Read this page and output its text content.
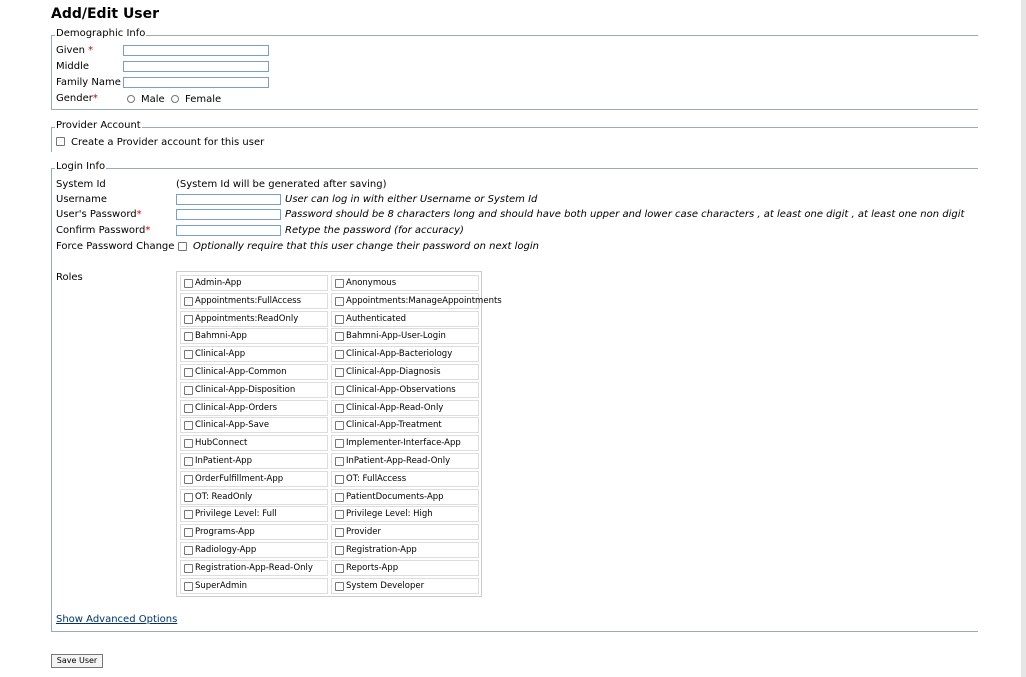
Add/Edit User
Demographic Info
Given *
Middle
Family Name
Gender*	Male Female
Provider Account
Create a Provider account for this user
Login Info
System Id	(System Id will be generated after saving)
Username	User can log in with either Username or System Id
User's Password*	Password should be 8 characters long and should have both upper and lower case characters , at least one digit , at least one non digit
Confirm Password*	Retype the password (for accuracy)
Force Password Change Optionally require that this user change their password on next login
Roles	Admin-App	Anonymous
Appointments:FullAccess	Appointments:ManageAppointments
Appointments:ReadOnly	Authenticated
Bahmni-App	Bahmni-App-User-Login
Clinical-App	Clinical-App-Bacteriology
Clinical-App-Common	Clinical-App-Diagnosis
Clinical-App-Disposition	Clinical-App-Observations
Clinical-App-Orders	Clinical-App-Read-Only
Clinical-App-Save	Clinical-App-Treatment
HubConnect	Implementer-Interface-App
InPatient-App	InPatient-App-Read-Only
OrderFulfillment-App	OT: FullAccess
OT: ReadOnly	PatientDocuments-App
Privilege Level: Full	Privilege Level: High
Programs-App	Provider
Radiology-App	Registration-App
Registration-App-Read-Only	Reports-App
SuperAdmin	System Developer
Show Advanced Options
Save User
